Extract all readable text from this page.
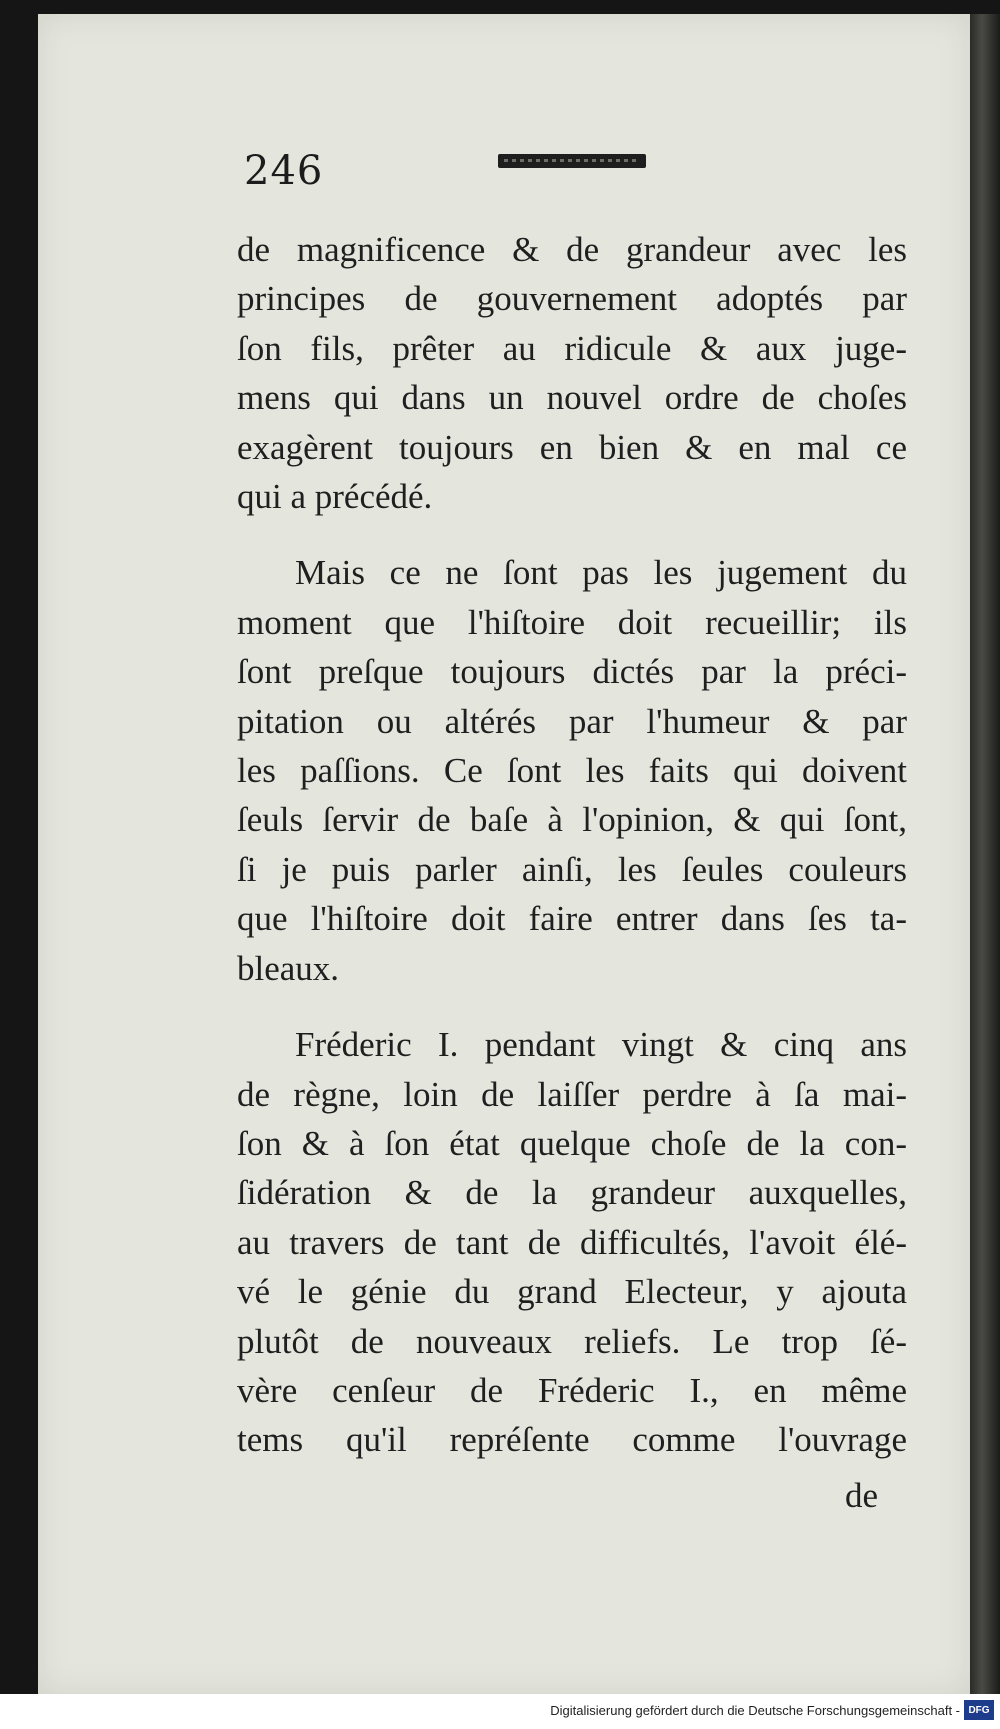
246
de magnificence & de grandeur avec les
principes de gouvernement adoptés par
ſon fils, prêter au ridicule & aux juge-
mens qui dans un nouvel ordre de choſes
exagèrent toujours en bien & en mal ce
qui a précédé.
Mais ce ne ſont pas les jugement du
moment que l'hiſtoire doit recueillir; ils
ſont preſque toujours dictés par la préci-
pitation ou altérés par l'humeur & par
les paſſions. Ce ſont les faits qui doivent
ſeuls ſervir de baſe à l'opinion, & qui ſont,
ſi je puis parler ainſi, les ſeules couleurs
que l'hiſtoire doit faire entrer dans ſes ta-
bleaux.
Fréderic I. pendant vingt & cinq ans
de règne, loin de laiſſer perdre à ſa mai-
ſon & à ſon état quelque choſe de la con-
ſidération & de la grandeur auxquelles,
au travers de tant de difficultés, l'avoit élé-
vé le génie du grand Electeur, y ajouta
plutôt de nouveaux reliefs. Le trop ſé-
vère cenſeur de Fréderic I., en même
tems qu'il repréſente comme l'ouvrage
de
Digitalisierung gefördert durch die Deutsche Forschungsgemeinschaft - DFG
